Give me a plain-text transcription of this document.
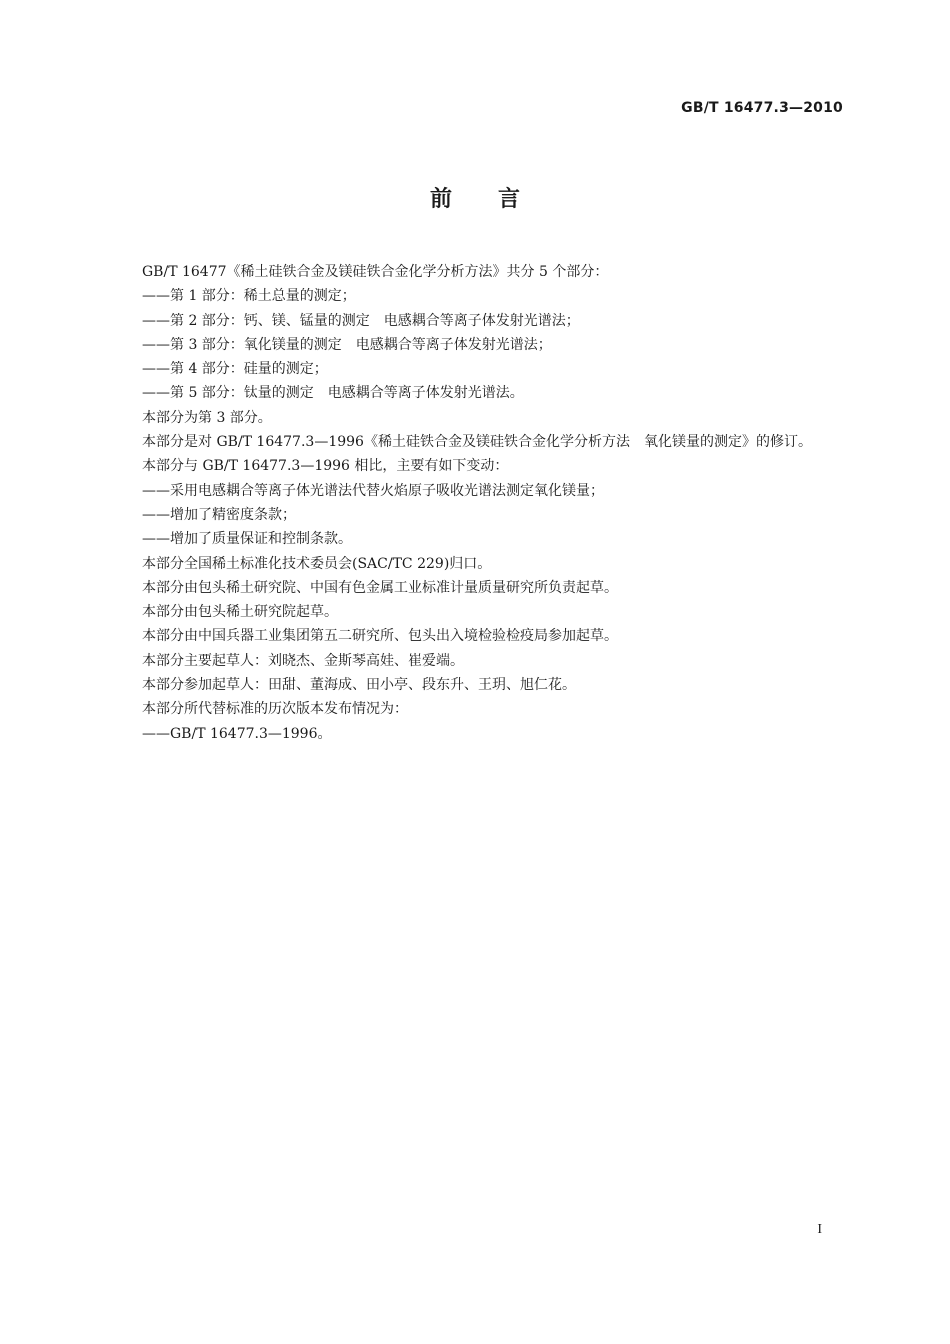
GB/T 16477.3—2010
前言

GB/T 16477《稀土硅铁合金及镁硅铁合金化学分析方法》共分 5 个部分：

——第 1 部分：稀土总量的测定；

——第 2 部分：钙、镁、锰量的测定　电感耦合等离子体发射光谱法；

——第 3 部分：氧化镁量的测定　电感耦合等离子体发射光谱法；

——第 4 部分：硅量的测定；

——第 5 部分：钛量的测定　电感耦合等离子体发射光谱法。

本部分为第 3 部分。

本部分是对 GB/T 16477.3—1996《稀土硅铁合金及镁硅铁合金化学分析方法　氧化镁量的测定》的修订。

本部分与 GB/T 16477.3—1996 相比，主要有如下变动：

——采用电感耦合等离子体光谱法代替火焰原子吸收光谱法测定氧化镁量；

——增加了精密度条款；

——增加了质量保证和控制条款。

本部分全国稀土标准化技术委员会(SAC/TC 229)归口。

本部分由包头稀土研究院、中国有色金属工业标准计量质量研究所负责起草。

本部分由包头稀土研究院起草。

本部分由中国兵器工业集团第五二研究所、包头出入境检验检疫局参加起草。

本部分主要起草人：刘晓杰、金斯琴高娃、崔爱端。

本部分参加起草人：田甜、董海成、田小亭、段东升、王玥、旭仁花。

本部分所代替标准的历次版本发布情况为：

——GB/T 16477.3—1996。

I
